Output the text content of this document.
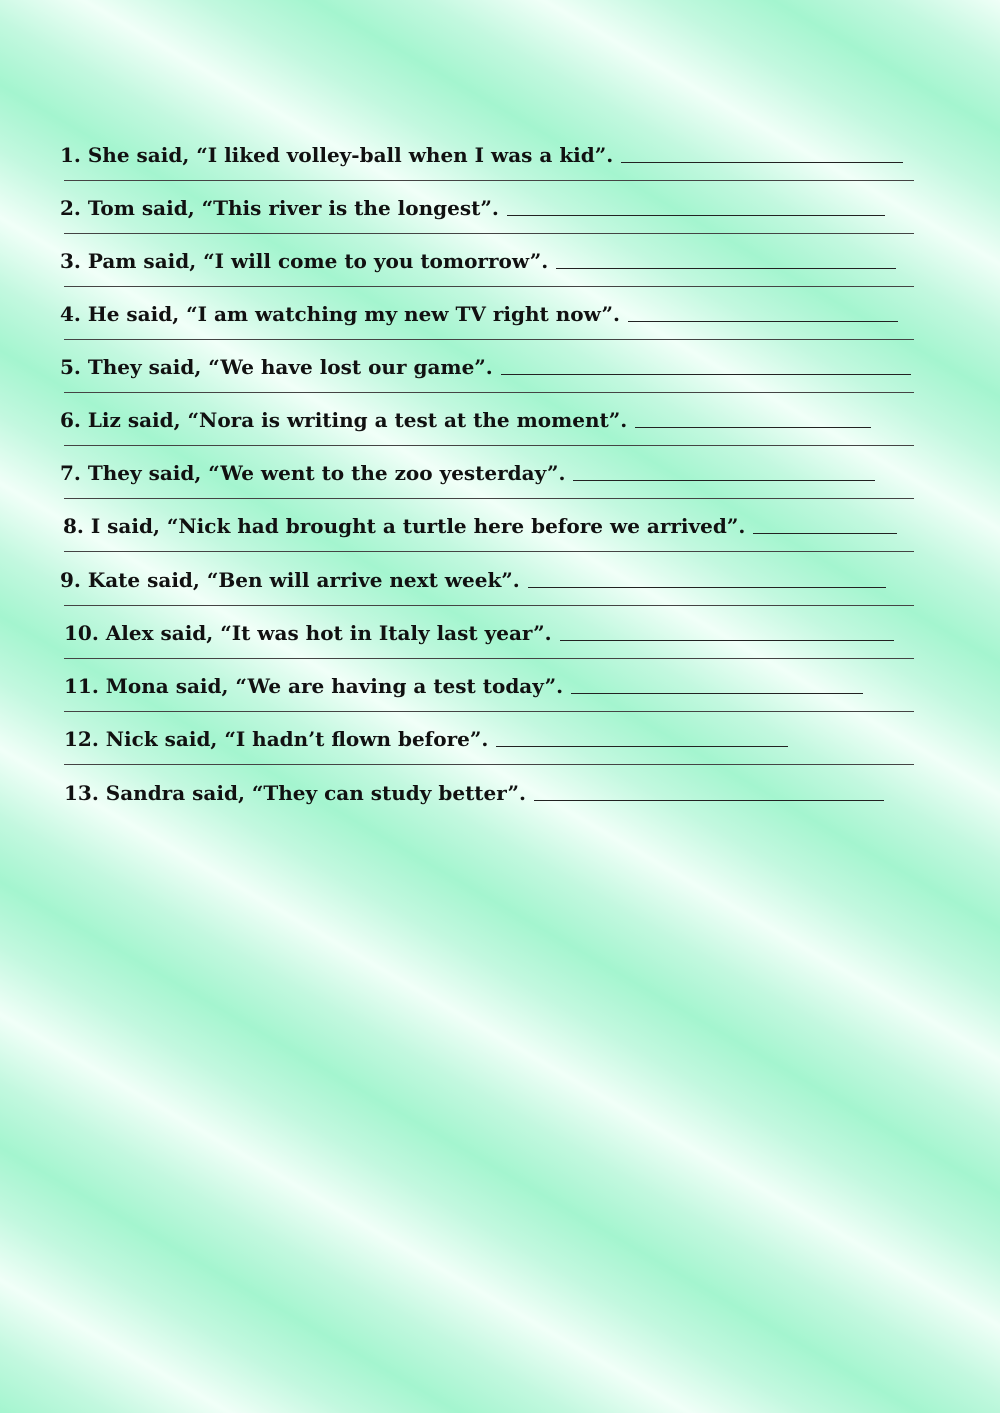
1. She said, “I liked volley-ball when I was a kid”.
2. Tom said, “This river is the longest”.
3. Pam said, “I will come to you tomorrow”.
4. He said, “I am watching my new TV right now”.
5. They said, “We have lost our game”.
6. Liz said, “Nora is writing a test at the moment”.
7. They said, “We went to the zoo yesterday”.
8. I said, “Nick had brought a turtle here before we arrived”.
9. Kate said, “Ben will arrive next week”.
10. Alex said, “It was hot in Italy last year”.
11. Mona said, “We are having a test today”.
12. Nick said, “I hadn’t flown before”.
13. Sandra said, “They can study better”.
